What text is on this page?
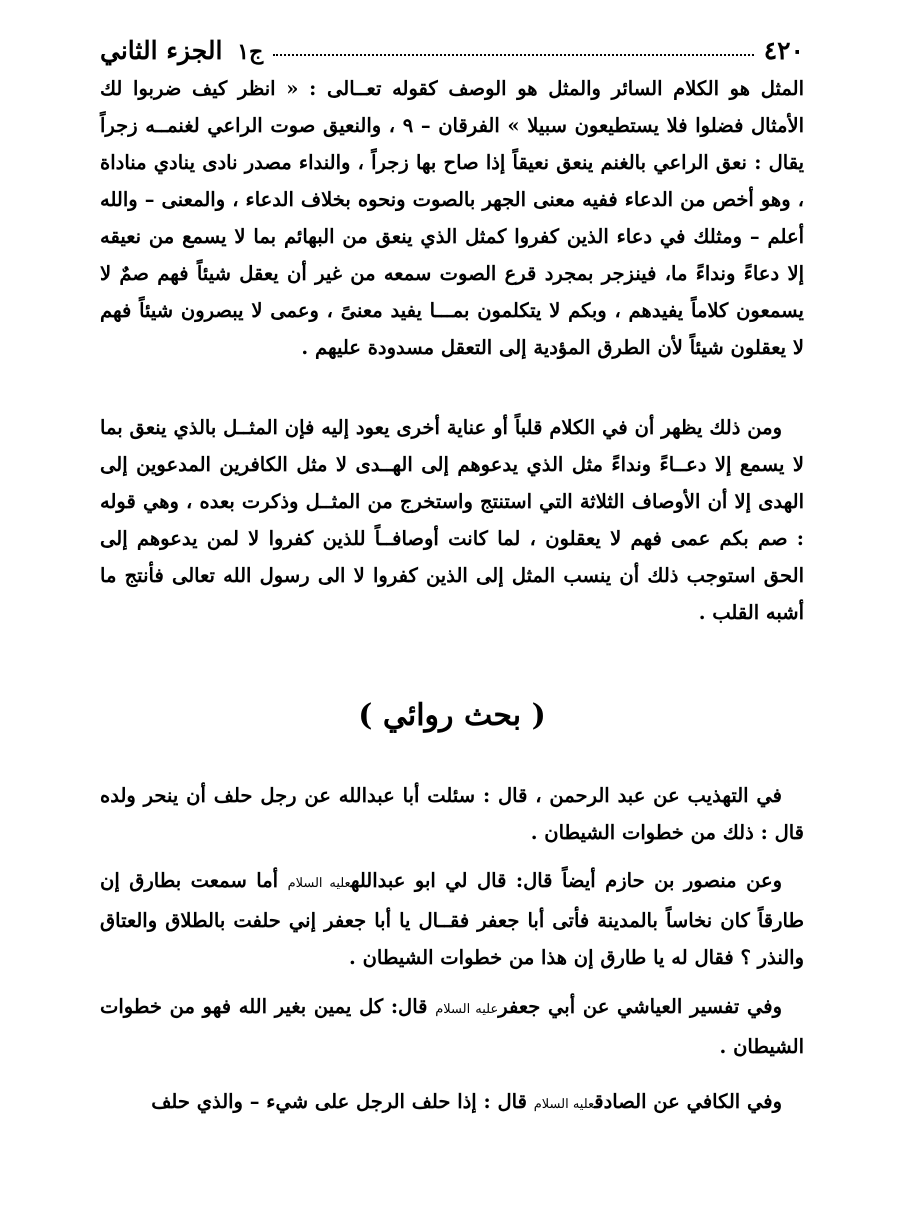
٤٢٠
ج١ الجزء الثاني

المثل هو الكلام السائر والمثل هو الوصف كقوله تعــالى : « انظر كيف ضربوا لك الأمثال فضلوا فلا يستطيعون سبيلا » الفرقان – ٩ ، والنعيق صوت الراعي لغنمــه زجراً يقال : نعق الراعي بالغنم ينعق نعيقاً إذا صاح بها زجراً ، والنداء مصدر نادى ينادي مناداة ، وهو أخص من الدعاء ففيه معنى الجهر بالصوت ونحوه بخلاف الدعاء ، والمعنى – والله أعلم – ومثلك في دعاء الذين كفروا كمثل الذي ينعق من البهائم بما لا يسمع من نعيقه إلا دعاءً ونداءً ما، فينزجر بمجرد قرع الصوت سمعه من غير أن يعقل شيئاً فهم صمٌ لا يسمعون كلاماً يفيدهم ، وبكم لا يتكلمون بمـــا يفيد معنىً ، وعمى لا يبصرون شيئاً فهم لا يعقلون شيئاً لأن الطرق المؤدية إلى التعقل مسدودة عليهم .

ومن ذلك يظهر أن في الكلام قلباً أو عناية أخرى يعود إليه فإن المثــل بالذي ينعق بما لا يسمع إلا دعــاءً ونداءً مثل الذي يدعوهم إلى الهــدى لا مثل الكافرين المدعوين إلى الهدى إلا أن الأوصاف الثلاثة التي استنتج واستخرج من المثــل وذكرت بعده ، وهي قوله : صم بكم عمى فهم لا يعقلون ، لما كانت أوصافــاً للذين كفروا لا لمن يدعوهم إلى الحق استوجب ذلك أن ينسب المثل إلى الذين كفروا لا الى رسول الله تعالى فأنتج ما أشبه القلب .

( بحث روائي )

في التهذيب عن عبد الرحمن ، قال : سئلت أبا عبدالله عن رجل حلف أن ينحر ولده قال : ذلك من خطوات الشيطان .

وعن منصور بن حازم أيضاً قال: قال لي ابو عبداللهعليه السلام أما سمعت بطارق إن طارقاً كان نخاساً بالمدينة فأتى أبا جعفر فقــال يا أبا جعفر إني حلفت بالطلاق والعتاق والنذر ؟ فقال له يا طارق إن هذا من خطوات الشيطان .

وفي تفسير العياشي عن أبي جعفرعليه السلام قال: كل يمين بغير الله فهو من خطوات الشيطان .

وفي الكافي عن الصادقعليه السلام قال : إذا حلف الرجل على شيء – والذي حلف
